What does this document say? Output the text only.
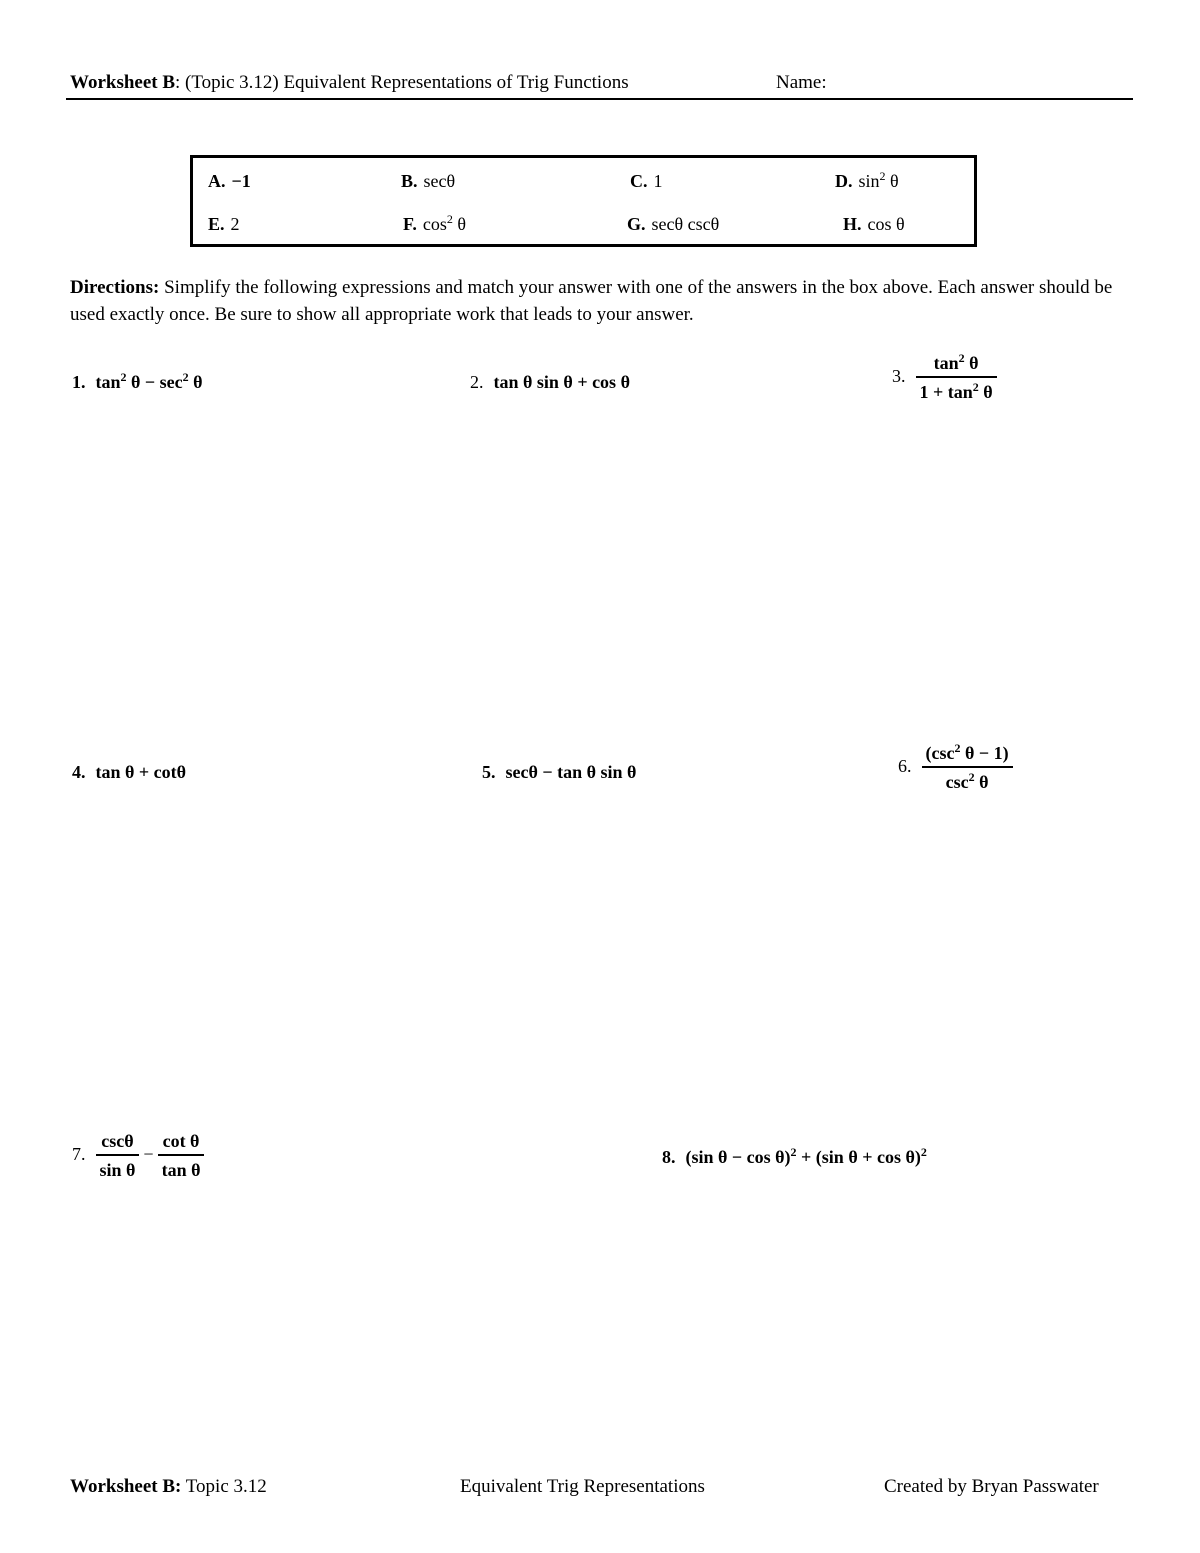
Worksheet B: (Topic 3.12) Equivalent Representations of Trig Functions	Name:
A. −1	B. secθ	C. 1	D. $\sin^2 \theta$
E. 2	F. $\cos^2 \theta$	G. secθ cscθ	H. cos θ
Directions: Simplify the following expressions and match your answer with one of the answers in the box above. Each answer should be used exactly once. Be sure to show all appropriate work that leads to your answer.
1. $\tan^2 \theta - \sec^2 \theta$	2. tan θ sin θ + cos θ	3. $\frac{\tan^2 \theta}{1 + \tan^2 \theta}$
4. tan θ + cotθ	5. secθ − tan θ sin θ	6. $\frac{(\csc^2 \theta - 1)}{\csc^2 \theta}$
7. $\frac{\csc\theta}{\text{sin θ}} - \frac{\text{cot θ}}{\text{tan θ}}$	8. (sin θ − cos θ)$^2$ + (sin θ + cos θ)$^2$
Worksheet B: Topic 3.12	Equivalent Trig Representations	Created by Bryan Passwater
